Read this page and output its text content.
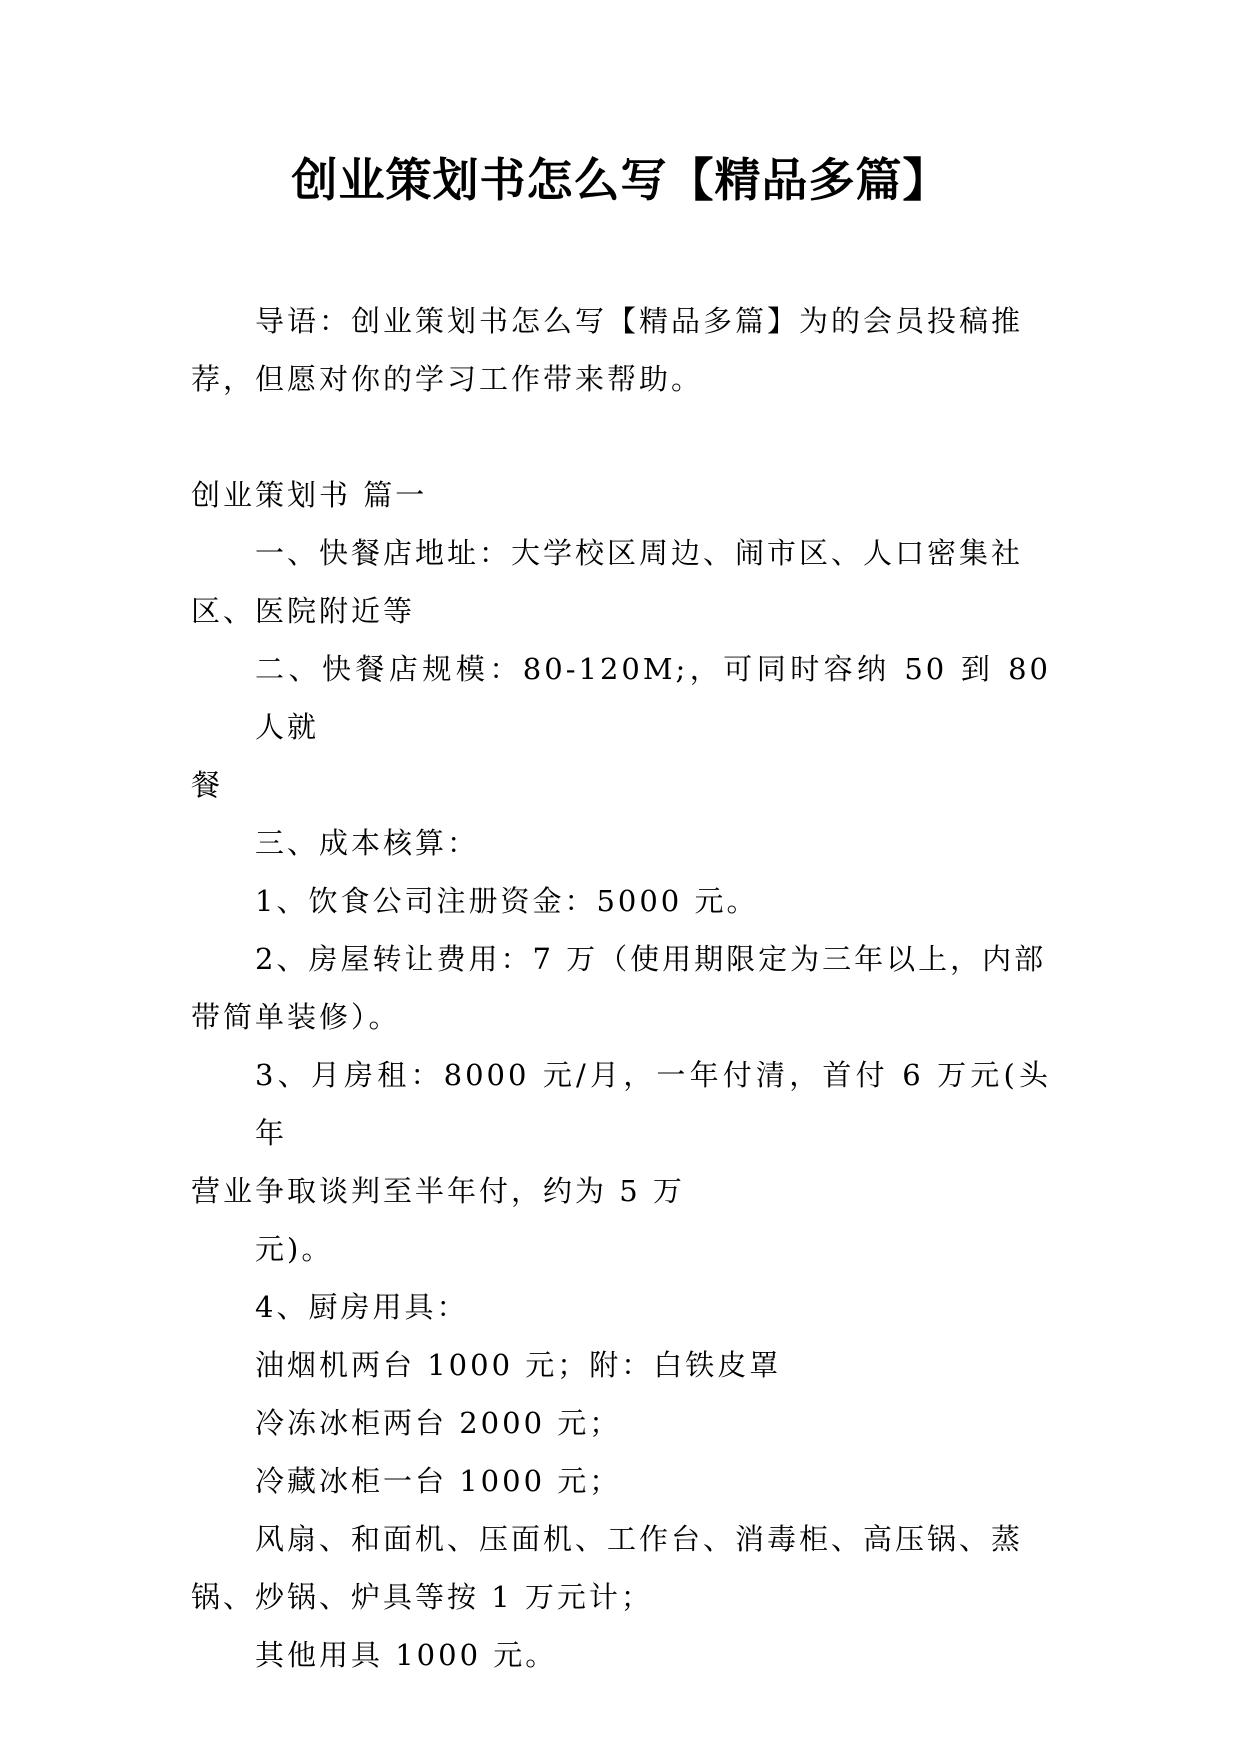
创业策划书怎么写【精品多篇】

导语：创业策划书怎么写【精品多篇】为的会员投稿推
荐，但愿对你的学习工作带来帮助。

创业策划书 篇一

一、快餐店地址：大学校区周边、闹市区、人口密集社
区、医院附近等

二、快餐店规模：80-120M;，可同时容纳 50 到 80 人就
餐

三、成本核算：

1、饮食公司注册资金：5000 元。

2、房屋转让费用：7 万（使用期限定为三年以上，内部
带简单装修）。

3、月房租：8000 元/月，一年付清，首付 6 万元(头年
营业争取谈判至半年付，约为 5 万
元)。

4、厨房用具：

油烟机两台 1000 元；附：白铁皮罩

冷冻冰柜两台 2000 元；

冷藏冰柜一台 1000 元；

风扇、和面机、压面机、工作台、消毒柜、高压锅、蒸
锅、炒锅、炉具等按 1 万元计；

其他用具 1000 元。
